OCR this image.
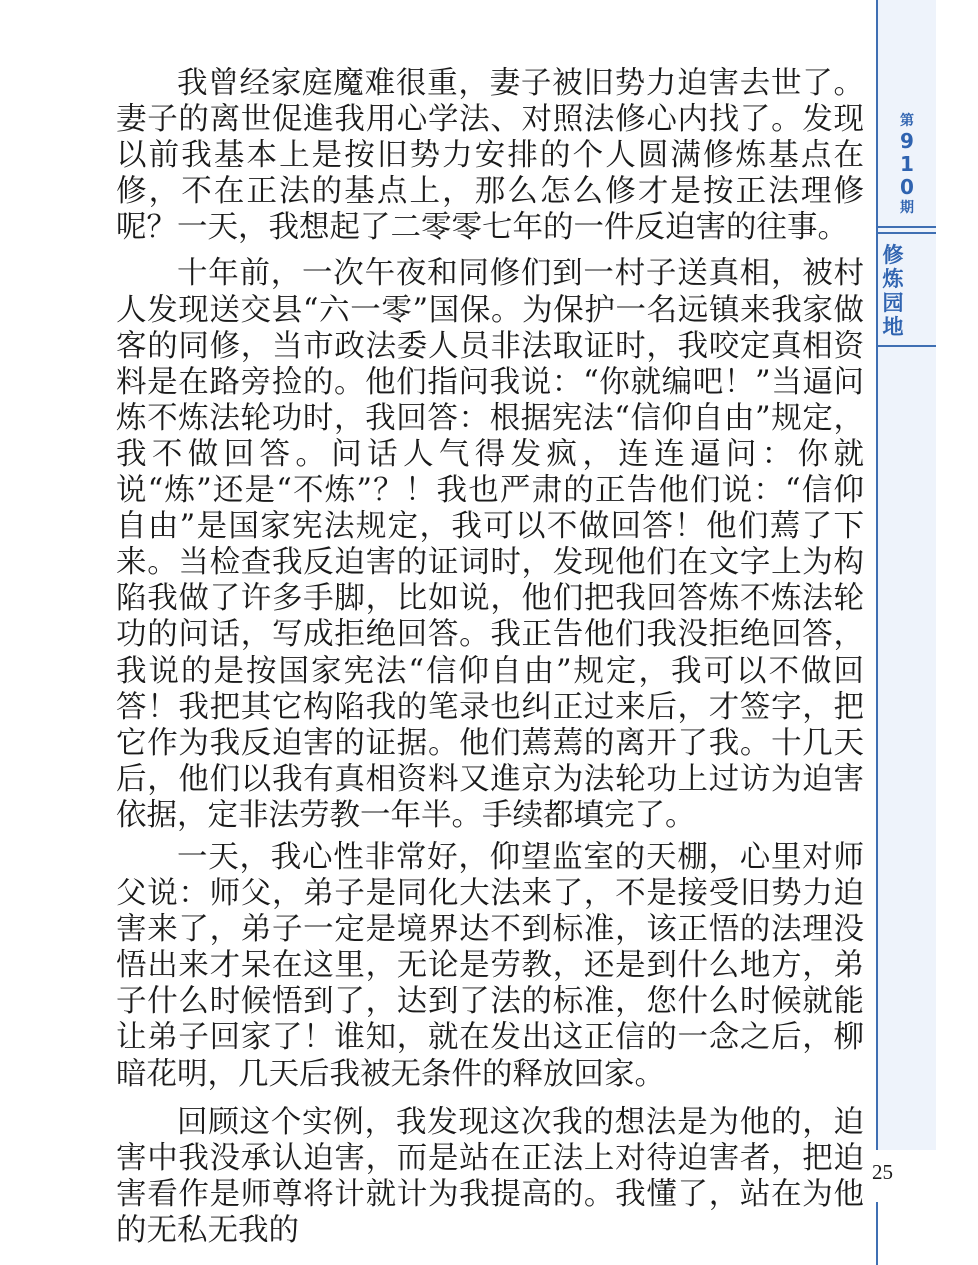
第
9
1
0
期
修炼园地

我曾经家庭魔难很重，妻子被旧势力迫害去世了。妻子的离世促進我用心学法、对照法修心内找了。发现以前我基本上是按旧势力安排的个人圆满修炼基点在修，不在正法的基点上，那么怎么修才是按正法理修呢？一天，我想起了二零零七年的一件反迫害的往事。

十年前，一次午夜和同修们到一村子送真相，被村人发现送交县“六一零”国保。为保护一名远镇来我家做客的同修，当市政法委人员非法取证时，我咬定真相资料是在路旁捡的。他们指问我说：“你就编吧！”当逼问炼不炼法轮功时，我回答：根据宪法“信仰自由”规定，我不做回答。问话人气得发疯，连连逼问：你就说“炼”还是“不炼”？！我也严肃的正告他们说：“信仰自由”是国家宪法规定，我可以不做回答！他们蔫了下来。当检查我反迫害的证词时，发现他们在文字上为构陷我做了许多手脚，比如说，他们把我回答炼不炼法轮功的问话，写成拒绝回答。我正告他们我没拒绝回答，我说的是按国家宪法“信仰自由”规定，我可以不做回答！我把其它构陷我的笔录也纠正过来后，才签字，把它作为我反迫害的证据。他们蔫蔫的离开了我。十几天后，他们以我有真相资料又進京为法轮功上过访为迫害依据，定非法劳教一年半。手续都填完了。

一天，我心性非常好，仰望监室的天棚，心里对师父说：师父，弟子是同化大法来了，不是接受旧势力迫害来了，弟子一定是境界达不到标准，该正悟的法理没悟出来才呆在这里，无论是劳教，还是到什么地方，弟子什么时候悟到了，达到了法的标准，您什么时候就能让弟子回家了！谁知，就在发出这正信的一念之后，柳暗花明，几天后我被无条件的释放回家。

回顾这个实例，我发现这次我的想法是为他的，迫害中我没承认迫害，而是站在正法上对待迫害者，把迫害看作是师尊将计就计为我提高的。我懂了，站在为他的无私无我的

25
